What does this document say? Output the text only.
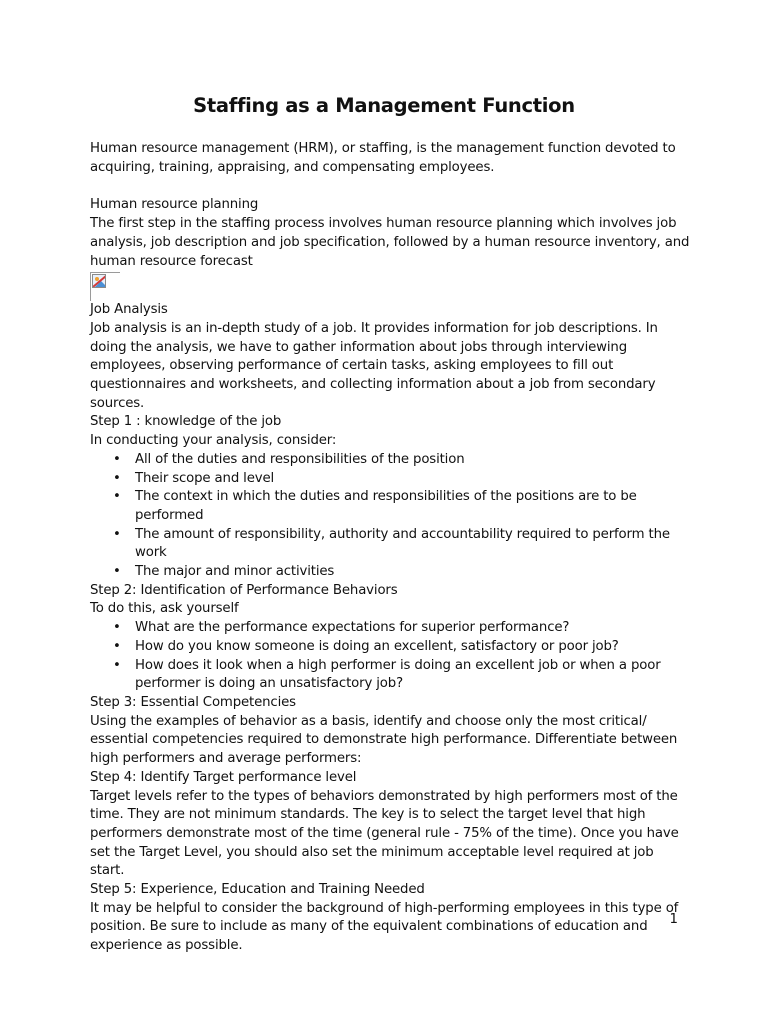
Staffing as a Management Function

Human resource management (HRM), or staffing, is the management function devoted to acquiring, training, appraising, and compensating employees.

Human resource planning

The first step in the staffing process involves human resource planning which involves job analysis, job description and job specification, followed by a human resource inventory, and human resource forecast

Job Analysis

Job analysis is an in-depth study of a job. It provides information for job descriptions. In doing the analysis, we have to gather information about jobs through interviewing employees, observing performance of certain tasks, asking employees to fill out questionnaires and worksheets, and collecting information about a job from secondary sources.

Step 1 : knowledge of the job

In conducting your analysis, consider:

• All of the duties and responsibilities of the position
• Their scope and level
• The context in which the duties and responsibilities of the positions are to be performed
• The amount of responsibility, authority and accountability required to perform the work
• The major and minor activities

Step 2: Identification of Performance Behaviors

To do this, ask yourself

• What are the performance expectations for superior performance?
• How do you know someone is doing an excellent, satisfactory or poor job?
• How does it look when a high performer is doing an excellent job or when a poor performer is doing an unsatisfactory job?

Step 3: Essential Competencies

Using the examples of behavior as a basis, identify and choose only the most critical/ essential competencies required to demonstrate high performance. Differentiate between high performers and average performers:

Step 4: Identify Target performance level

Target levels refer to the types of behaviors demonstrated by high performers most of the time. They are not minimum standards. The key is to select the target level that high performers demonstrate most of the time (general rule - 75% of the time). Once you have set the Target Level, you should also set the minimum acceptable level required at job start.

Step 5: Experience, Education and Training Needed

It may be helpful to consider the background of high-performing employees in this type of position. Be sure to include as many of the equivalent combinations of education and experience as possible.

1
